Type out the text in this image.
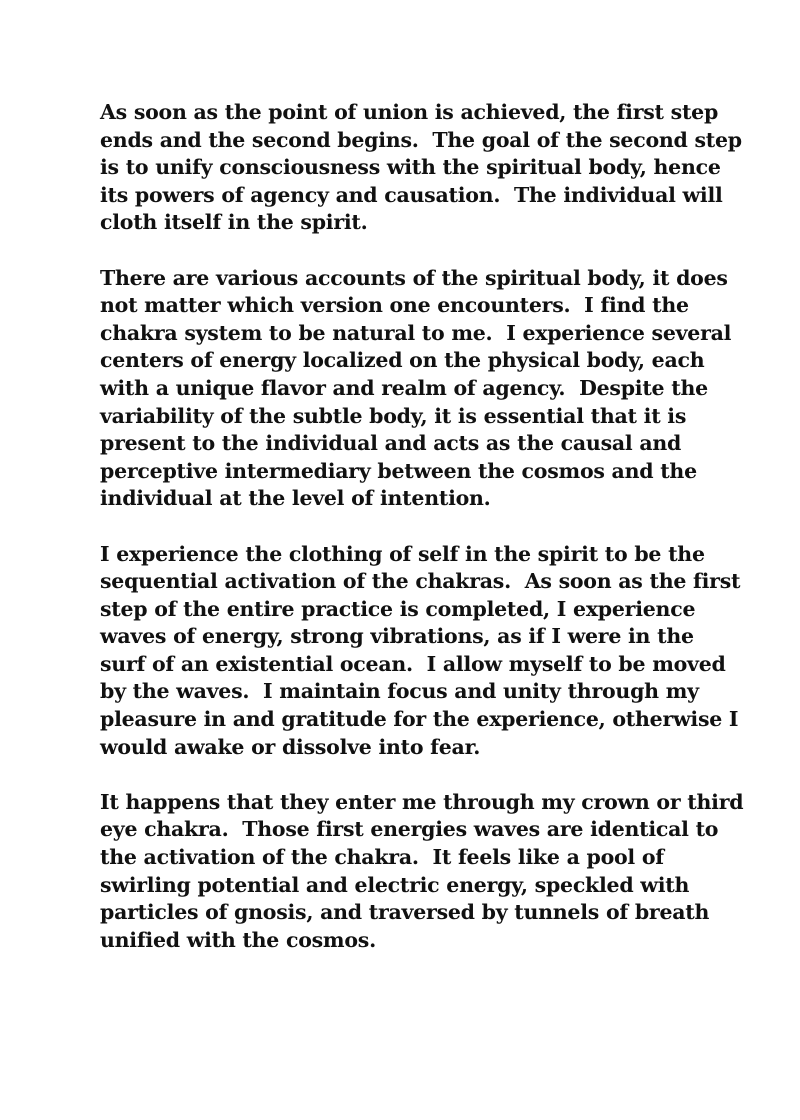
As soon as the point of union is achieved, the first step
ends and the second begins.  The goal of the second step
is to unify consciousness with the spiritual body, hence
its powers of agency and causation.  The individual will
cloth itself in the spirit.
There are various accounts of the spiritual body, it does
not matter which version one encounters.  I find the
chakra system to be natural to me.  I experience several
centers of energy localized on the physical body, each
with a unique flavor and realm of agency.  Despite the
variability of the subtle body, it is essential that it is
present to the individual and acts as the causal and
perceptive intermediary between the cosmos and the
individual at the level of intention.
I experience the clothing of self in the spirit to be the
sequential activation of the chakras.  As soon as the first
step of the entire practice is completed, I experience
waves of energy, strong vibrations, as if I were in the
surf of an existential ocean.  I allow myself to be moved
by the waves.  I maintain focus and unity through my
pleasure in and gratitude for the experience, otherwise I
would awake or dissolve into fear.
It happens that they enter me through my crown or third
eye chakra.  Those first energies waves are identical to
the activation of the chakra.  It feels like a pool of
swirling potential and electric energy, speckled with
particles of gnosis, and traversed by tunnels of breath
unified with the cosmos.
